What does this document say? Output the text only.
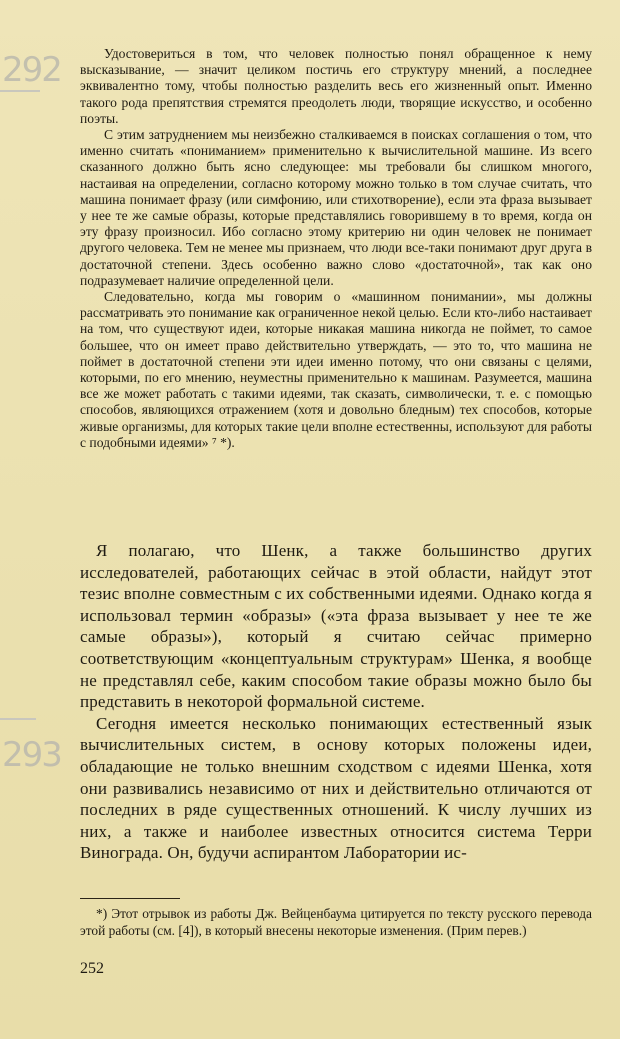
292
293

Удостовериться в том, что человек полностью понял обращенное к нему высказывание, — значит целиком постичь его структуру мнений, а последнее эквивалентно тому, чтобы полностью разделить весь его жизненный опыт. Именно такого рода препятствия стремятся преодолеть люди, творящие искусство, и особенно поэты.

С этим затруднением мы неизбежно сталкиваемся в поисках соглашения о том, что именно считать «пониманием» применительно к вычислительной машине. Из всего сказанного должно быть ясно следующее: мы требовали бы слишком многого, настаивая на определении, согласно которому можно только в том случае считать, что машина понимает фразу (или симфонию, или стихотворение), если эта фраза вызывает у нее те же самые образы, которые представлялись говорившему в то время, когда он эту фразу произносил. Ибо согласно этому критерию ни один человек не понимает другого человека. Тем не менее мы признаем, что люди все-таки понимают друг друга в достаточной степени. Здесь особенно важно слово «достаточной», так как оно подразумевает наличие определенной цели.

Следовательно, когда мы говорим о «машинном понимании», мы должны рассматривать это понимание как ограниченное некой целью. Если кто-либо настаивает на том, что существуют идеи, которые никакая машина никогда не поймет, то самое большее, что он имеет право действительно утверждать, — это то, что машина не поймет в достаточной степени эти идеи именно потому, что они связаны с целями, которыми, по его мнению, неуместны применительно к машинам. Разумеется, машина все же может работать с такими идеями, так сказать, символически, т. е. с помощью способов, являющихся отражением (хотя и довольно бледным) тех способов, которые живые организмы, для которых такие цели вполне естественны, используют для работы с подобными идеями» ⁷ *).

Я полагаю, что Шенк, а также большинство других исследователей, работающих сейчас в этой области, найдут этот тезис вполне совместным с их собственными идеями. Однако когда я использовал термин «образы» («эта фраза вызывает у нее те же самые образы»), который я считаю сейчас примерно соответствующим «концептуальным структурам» Шенка, я вообще не представлял себе, каким способом такие образы можно было бы представить в некоторой формальной системе.

Сегодня имеется несколько понимающих естественный язык вычислительных систем, в основу которых положены идеи, обладающие не только внешним сходством с идеями Шенка, хотя они развивались независимо от них и действительно отличаются от последних в ряде существенных отношений. К числу лучших из них, а также и наиболее известных относится система Терри Винограда. Он, будучи аспирантом Лаборатории ис-

*) Этот отрывок из работы Дж. Вейценбаума цитируется по тексту русского перевода этой работы (см. [4]), в который внесены некоторые изменения. (Прим перев.)

252
